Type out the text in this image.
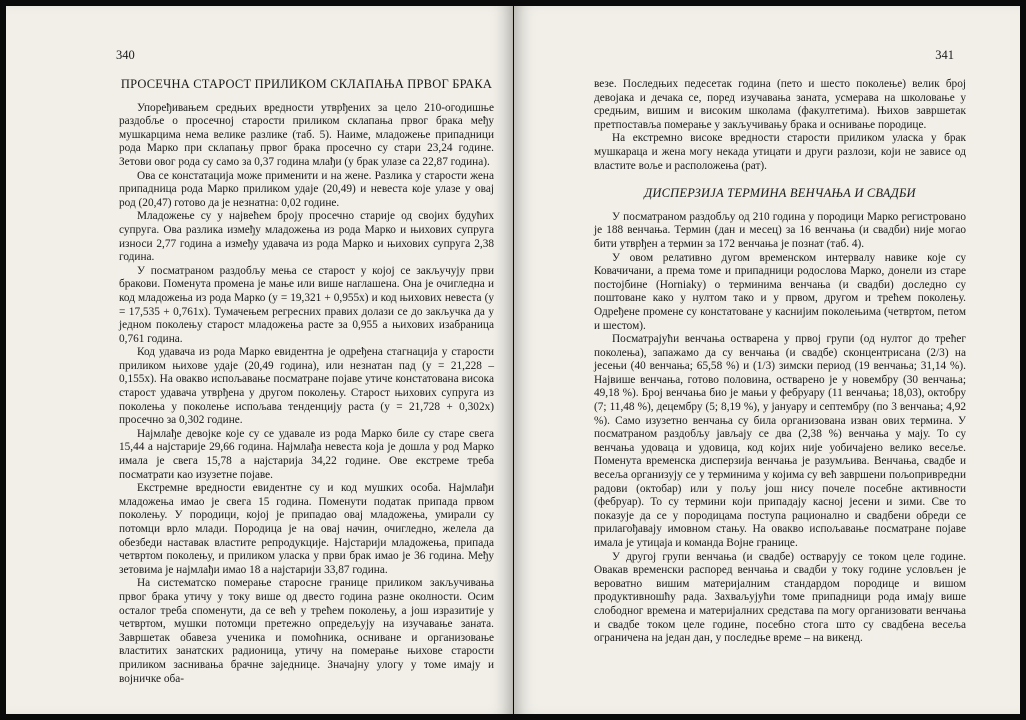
340
ПРОСЕЧНА СТАРОСТ ПРИЛИКОМ СКЛАПАЊА ПРВОГ БРАКА

Упоређивањем средњих вредности утврђених за цело 210-огодишње раздобље о просечној старости приликом склапања првог брака међу мушкарцима нема велике разлике (таб. 5). Наиме, младожење припадници рода Марко при склапању првог брака просечно су стари 23,24 године. Зетови овог рода су само за 0,37 година млађи (у брак улазе са 22,87 година).

Ова се констатација може применити и на жене. Разлика у старости жена припадница рода Марко приликом удаје (20,49) и невеста које улазе у овај род (20,47) готово да је незнатна: 0,02 године.

Младожење су у највећем броју просечно старије од својих будућих супруга. Ова разлика између младожења из рода Марко и њихових супруга износи 2,77 година а између удавача из рода Марко и њихових супруга 2,38 година.

У посматраном раздобљу мења се старост у којој се закључују први бракови. Поменута промена је мање или више наглашена. Она је очигледна и код младожења из рода Марко (y = 19,321 + 0,955x) и код њихових невеста (y = 17,535 + 0,761x). Тумачењем регресних правих долази се до закључка да у једном поколењу старост младожења расте за 0,955 а њихових изабраница 0,761 година.

Код удавача из рода Марко евидентна је одређена стагнација у старости приликом њихове удаје (20,49 година), или незнатан пад (y = 21,228 – 0,155x). На овакво испољавање посматране појаве утиче констатована висока старост удавача утврђена у другом поколењу. Старост њихових супруга из поколења у поколење испољава тенденцију раста (y = 21,728 + 0,302x) просечно за 0,302 године.

Најмлађе девојке које су се удавале из рода Марко биле су старе свега 15,44 а најстарије 29,66 година. Најмлађа невеста која је дошла у род Марко имала је свега 15,78 а најстарија 34,22 године. Ове екстреме треба посматрати као изузетне појаве.

Екстремне вредности евидентне су и код мушких особа. Најмлађи младожења имао је свега 15 година. Поменути податак припада првом поколењу. У породици, којој је припадао овај младожења, умирали су потомци врло млади. Породица је на овај начин, очигледно, желела да обезбеди наставак властите репродукције. Најстарији младожења, припада четвртом поколењу, и приликом уласка у први брак имао је 36 година. Међу зетовима је најмлађи имао 18 а најстарији 33,87 година.

На систематско померање старосне границе приликом закључивања првог брака утичу у току више од двесто година разне околности. Осим осталог треба споменути, да се већ у трећем поколењу, а још изразитије у четвртом, мушки потомци претежно опредељују на изучавање заната. Завршетак обавеза ученика и помоћника, осниване и организовање властитих занатских радионица, утичу на померање њихове старости приликом заснивања брачне заједнице. Значајну улогу у томе имају и војничке оба-

341

везе. Последњих педесетак година (пето и шесто поколење) велик број девојака и дечака се, поред изучавања заната, усмерава на школовање у средњим, вишим и високим школама (факултетима). Њихов завршетак претпоставља померање у закључивању брака и оснивање породице.

На екстремно високе вредности старости приликом уласка у брак мушкараца и жена могу некада утицати и други разлози, који не зависе од властите воље и расположења (рат).

ДИСПЕРЗИЈА ТЕРМИНА ВЕНЧАЊА И СВАДБИ

У посматраном раздобљу од 210 година у породици Марко регистровано је 188 венчања. Термин (дан и месец) за 16 венчања (и свадби) није могао бити утврђен а термин за 172 венчања је познат (таб. 4).

У овом релативно дугом временском интервалу навике које су Ковачичани, а према томе и припадници родослова Марко, донели из старе постојбине (Horniaky) о терминима венчања (и свадби) доследно су поштоване како у нултом тако и у првом, другом и трећем поколењу. Одређене промене су констатоване у каснијим поколењима (четвртом, петом и шестом).

Посматрајући венчања остварена у првој групи (од нултог до трећег поколења), запажамо да су венчања (и свадбе) сконцентрисана (2/3) на јесењи (40 венчања; 65,58 %) и (1/3) зимски период (19 венчања; 31,14 %). Највише венчања, готово половина, остварено је у новембру (30 венчања; 49,18 %). Број венчања био је мањи у фебруару (11 венчања; 18,03), октобру (7; 11,48 %), децембру (5; 8,19 %), у јануару и септембру (по 3 венчања; 4,92 %). Само изузетно венчања су била организована изван ових термина. У посматраном раздобљу јављају се два (2,38 %) венчања у мају. То су венчања удоваца и удовица, код којих није уобичајено велико весеље. Поменута временска дисперзија венчања је разумљива. Венчања, свадбе и весеља организују се у терминима у којима су већ завршени пољопривредни радови (октобар) или у пољу још нису почеле посебне активности (фебруар). То су термини који припадају касној јесени и зими. Све то показује да се у породицама поступа рационално и свадбени обреди се прилагођавају имовном стању. На овакво испољавање посматране појаве имала је утицаја и команда Војне границе.

У другој групи венчања (и свадбе) остварују се током целе године. Овакав временски распоред венчања и свадби у току године условљен је вероватно вишим материјалним стандардом породице и вишом продуктивношћу рада. Захваљујући томе припадници рода имају више слободног времена и материјалних средстава па могу организовати венчања и свадбе током целе године, посебно стога што су свадбена весеља ограничена на један дан, у последње време – на викенд.
